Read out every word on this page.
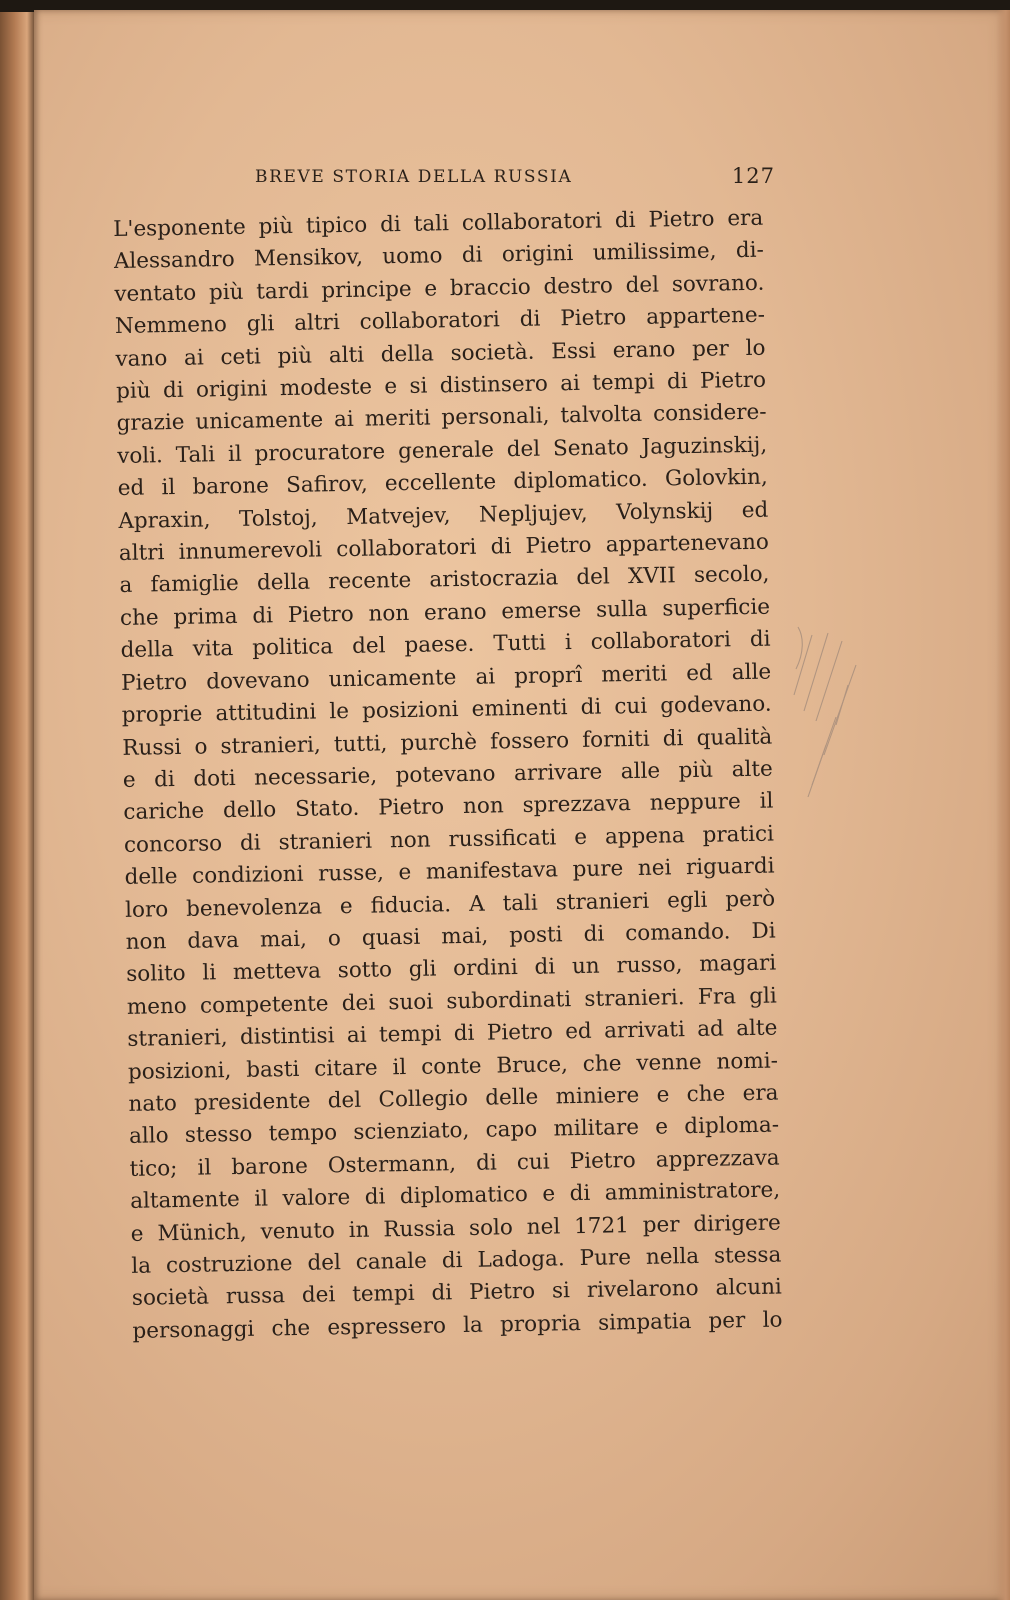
BREVE STORIA DELLA RUSSIA	127
L'esponente più tipico di tali collaboratori di Pietro era
Alessandro Mensikov, uomo di origini umilissime, di-
ventato più tardi principe e braccio destro del sovrano.
Nemmeno gli altri collaboratori di Pietro appartene-
vano ai ceti più alti della società. Essi erano per lo
più di origini modeste e si distinsero ai tempi di Pietro
grazie unicamente ai meriti personali, talvolta considere-
voli. Tali il procuratore generale del Senato Jaguzinskij,
ed il barone Safirov, eccellente diplomatico. Golovkin,
Apraxin, Tolstoj, Matvejev, Nepljujev, Volynskij ed
altri innumerevoli collaboratori di Pietro appartenevano
a famiglie della recente aristocrazia del XVII secolo,
che prima di Pietro non erano emerse sulla superficie
della vita politica del paese. Tutti i collaboratori di
Pietro dovevano unicamente ai proprî meriti ed alle
proprie attitudini le posizioni eminenti di cui godevano.
Russi o stranieri, tutti, purchè fossero forniti di qualità
e di doti necessarie, potevano arrivare alle più alte
cariche dello Stato. Pietro non sprezzava neppure il
concorso di stranieri non russificati e appena pratici
delle condizioni russe, e manifestava pure nei riguardi
loro benevolenza e fiducia. A tali stranieri egli però
non dava mai, o quasi mai, posti di comando. Di
solito li metteva sotto gli ordini di un russo, magari
meno competente dei suoi subordinati stranieri. Fra gli
stranieri, distintisi ai tempi di Pietro ed arrivati ad alte
posizioni, basti citare il conte Bruce, che venne nomi-
nato presidente del Collegio delle miniere e che era
allo stesso tempo scienziato, capo militare e diploma-
tico; il barone Ostermann, di cui Pietro apprezzava
altamente il valore di diplomatico e di amministratore,
e Münich, venuto in Russia solo nel 1721 per dirigere
la costruzione del canale di Ladoga. Pure nella stessa
società russa dei tempi di Pietro si rivelarono alcuni
personaggi che espressero la propria simpatia per lo
